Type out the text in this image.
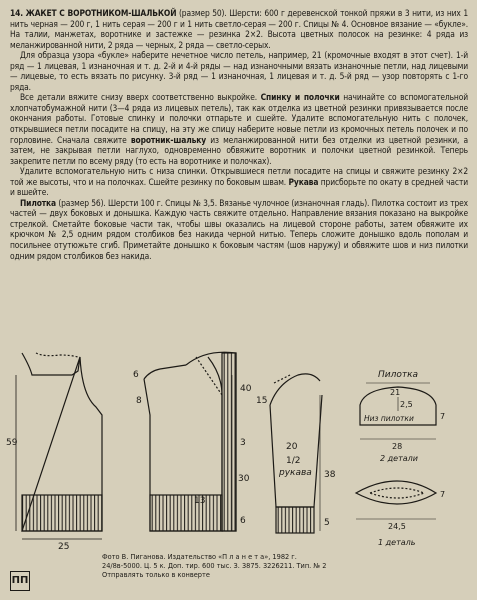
14. ЖАКЕТ С ВОРОТНИКОМ-ШАЛЬКОЙ (размер 50). Шерсти: 600 г деревенской тонкой пряжи в 3 нити, из них 1 нить черная — 200 г, 1 нить серая — 200 г и 1 нить светло-серая — 200 г. Спицы № 4. Основное вязание — «букле». На талии, манжетах, воротнике и застежке — резинка 2×2. Высота цветных полосок на резинке: 4 ряда из меланжированной нити, 2 ряда — черных, 2 ряда — светло-серых.

Для образца узора «букле» наберите нечетное число петель, например, 21 (кромочные входят в этот счет). 1-й ряд — 1 лицевая, 1 изнаночная и т. д. 2-й и 4-й ряды — над изнаночными вязать изнаночные петли, над лицевыми — лицевые, то есть вязать по рисунку. 3-й ряд — 1 изнаночная, 1 лицевая и т. д. 5-й ряд — узор повторять с 1-го ряда.

Все детали вяжите снизу вверх соответственно выкройке. Спинку и полочки начинайте со вспомогательной хлопчатобумажной нити (3—4 ряда из лицевых петель), так как отделка из цветной резинки привязывается после окончания работы. Готовые спинку и полочки отпарьте и сшейте. Удалите вспомогательную нить с полочек, открывшиеся петли посадите на спицу, на эту же спицу наберите новые петли из кромочных петель полочек и по горловине. Сначала свяжите воротник-шальку из меланжированной нити без отделки из цветной резинки, а затем, не закрывая петли наглухо, одновременно обвяжите воротник и полочки цветной резинкой. Теперь закрепите петли по всему ряду (то есть на воротнике и полочках).

Удалите вспомогательную нить с низа спинки. Открывшиеся петли посадите на спицы и свяжите резинку 2×2 той же высоты, что и на полочках. Сшейте резинку по боковым швам. Рукава присборьте по окату в средней части и вшейте.

Пилотка (размер 56). Шерсти 100 г. Спицы № 3,5. Вязанье чулочное (изнаночная гладь). Пилотка состоит из трех частей — двух боковых и донышка. Каждую часть свяжите отдельно. Направление вязания показано на выкройке стрелкой. Сметайте боковые части так, чтобы швы оказались на лицевой стороне работы, затем обвяжите их крючком № 2,5 одним рядом столбиков без накида черной нитью. Теперь сложите донышко вдоль пополам и посильнее отутюжьте сгиб. Приметайте донышко к боковым частям (шов наружу) и обвяжите шов и низ пилотки одним рядом столбиков без накида.

59
25
6
8
40
13
30
6
3	20
1/2
рукава
15
38
5
Пилотка
21
2,5
7
Низ пилотки
28
2 детали
7
24,5
1 деталь
ПП
Фото В. Пиганова. Издательство «П л а н е т а», 1982 г.
24/8в-5000. Ц. 5 к. Доп. тир. 600 тыс. З. 3875. 3226211. Тип. № 2
Отправлять только в конверте
